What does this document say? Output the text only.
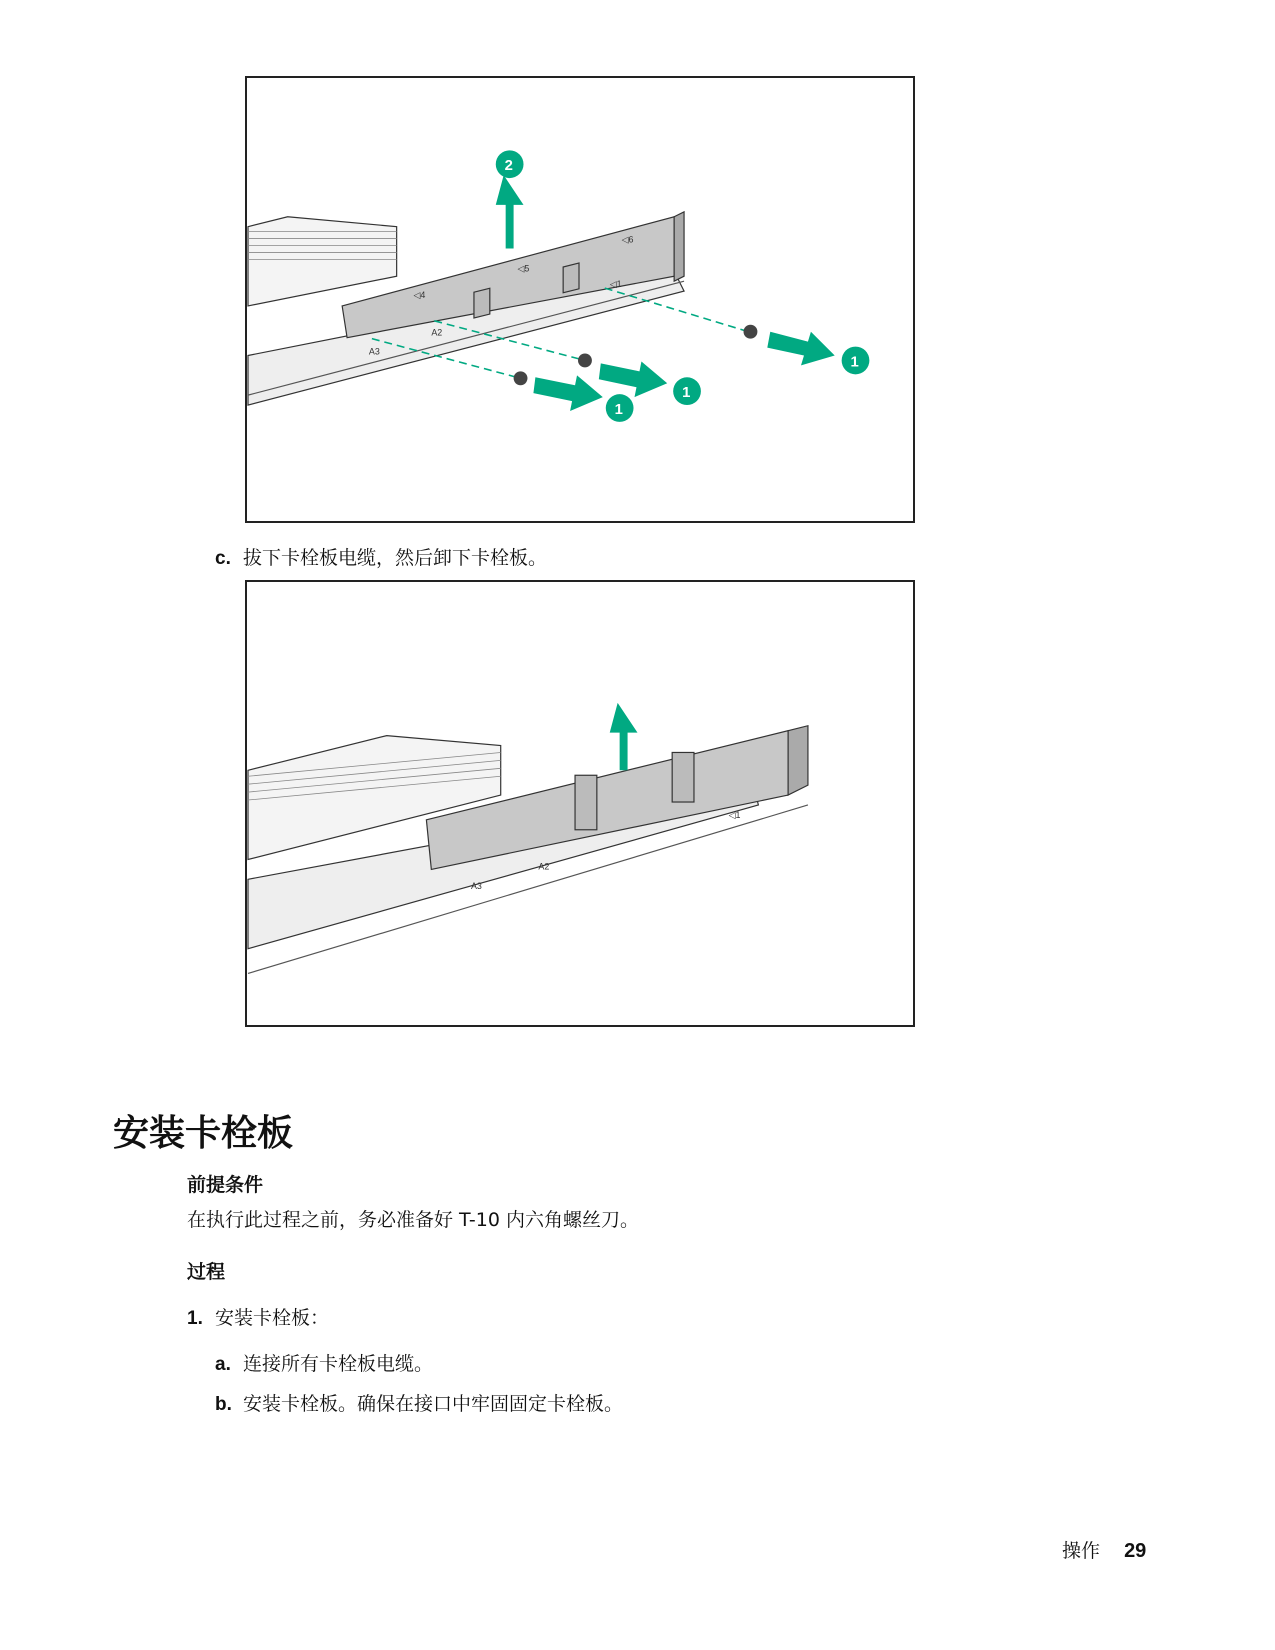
2
1
1
1
◁4
◁5
◁6
◁1
A2
A3
c. 拔下卡栓板电缆，然后卸下卡栓板。
◁1
A2
A3
安装卡栓板
前提条件
在执行此过程之前，务必准备好 T-10 内六角螺丝刀。
过程
1. 安装卡栓板：
a. 连接所有卡栓板电缆。
b. 安装卡栓板。确保在接口中牢固固定卡栓板。
操作 29
